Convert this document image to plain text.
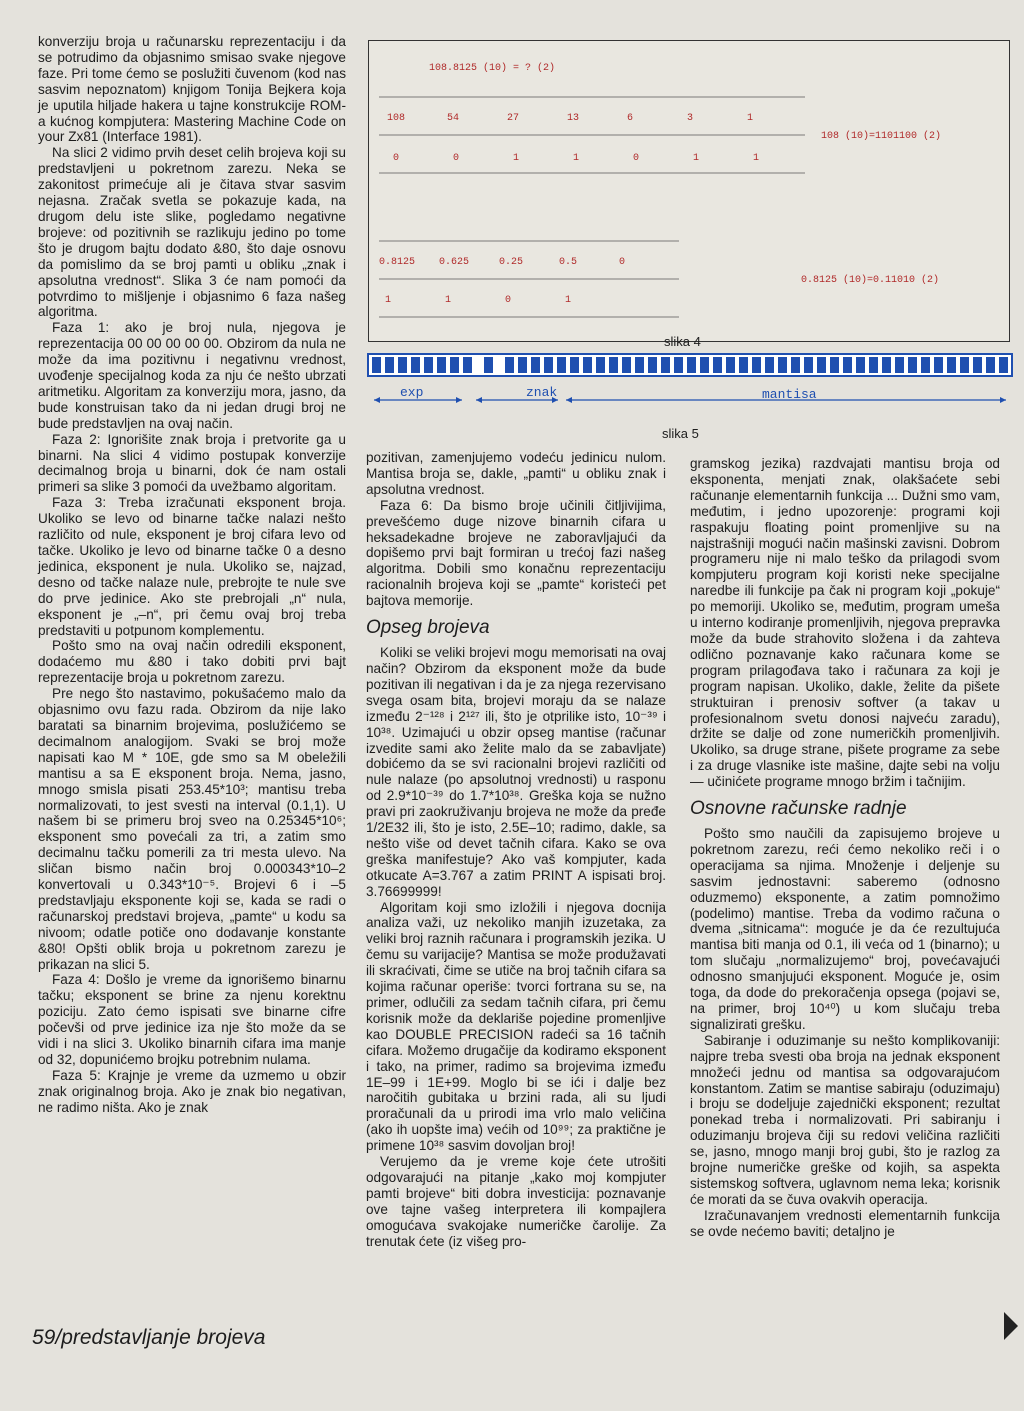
konverziju broja u računarsku reprezentaciju i da se potrudimo da objasnimo smisao svake njegove faze. Pri tome ćemo se poslužiti čuvenom (kod nas sasvim nepoznatom) knjigom Tonija Bejkera koja je uputila hiljade hakera u tajne konstrukcije ROM-a kućnog kompjutera: Mastering Machine Code on your Zx81 (Interface 1981).

Na slici 2 vidimo prvih deset celih brojeva koji su predstavljeni u pokretnom zarezu. Neka se zakonitost primećuje ali je čitava stvar sasvim nejasna. Zračak svetla se pokazuje kada, na drugom delu iste slike, pogledamo negativne brojeve: od pozitivnih se razlikuju jedino po tome što je drugom bajtu dodato &80, što daje osnovu da pomislimo da se broj pamti u obliku „znak i apsolutna vrednost“. Slika 3 će nam pomoći da potvrdimo to mišljenje i objasnimo 6 faza našeg algoritma.

Faza 1: ako je broj nula, njegova je reprezentacija 00 00 00 00 00. Obzirom da nula ne može da ima pozitivnu i negativnu vrednost, uvođenje specijalnog koda za nju će nešto ubrzati aritmetiku. Algoritam za konverziju mora, jasno, da bude konstruisan tako da ni jedan drugi broj ne bude predstavljen na ovaj način.

Faza 2: Ignorišite znak broja i pretvorite ga u binarni. Na slici 4 vidimo postupak konverzije decimalnog broja u binarni, dok će nam ostali primeri sa slike 3 pomoći da uvežbamo algoritam.

Faza 3: Treba izračunati eksponent broja. Ukoliko se levo od binarne tačke nalazi nešto različito od nule, eksponent je broj cifara levo od tačke. Ukoliko je levo od binarne tačke 0 a desno jedinica, eksponent je nula. Ukoliko se, najzad, desno od tačke nalaze nule, prebrojte te nule sve do prve jedinice. Ako ste prebrojali „n“ nula, eksponent je „–n“, pri čemu ovaj broj treba predstaviti u potpunom komplementu.

Pošto smo na ovaj način odredili eksponent, dodaćemo mu &80 i tako dobiti prvi bajt reprezentacije broja u pokretnom zarezu.

Pre nego što nastavimo, pokušaćemo malo da objasnimo ovu fazu rada. Obzirom da nije lako baratati sa binarnim brojevima, poslužićemo se decimalnom analogijom. Svaki se broj može napisati kao M * 10E, gde smo sa M obeležili mantisu a sa E eksponent broja. Nema, jasno, mnogo smisla pisati 253.45*10³; mantisu treba normalizovati, to jest svesti na interval (0.1,1). U našem bi se primeru broj sveo na 0.25345*10⁶; eksponent smo povećali za tri, a zatim smo decimalnu tačku pomerili za tri mesta ulevo. Na sličan bismo način broj 0.000343*10–2 konvertovali u 0.343*10⁻⁵. Brojevi 6 i –5 predstavljaju eksponente koji se, kada se radi o računarskoj predstavi brojeva, „pamte“ u kodu sa nivoom; odatle potiče ono dodavanje konstante &80! Opšti oblik broja u pokretnom zarezu je prikazan na slici 5.

Faza 4: Došlo je vreme da ignorišemo binarnu tačku; eksponent se brine za njenu korektnu poziciju. Zato ćemo ispisati sve binarne cifre počevši od prve jedinice iza nje što može da se vidi i na slici 3. Ukoliko binarnih cifara ima manje od 32, dopunićemo brojku potrebnim nulama.

Faza 5: Krajnje je vreme da uzmemo u obzir znak originalnog broja. Ako je znak bio negativan, ne radimo ništa. Ako je znak

108.8125 (10) = ? (2)
108	54	27	13	6	3	1
0	0	1	1	0	1	1
0.8125 0.625	0.25	0.5	0
1	1	0	1
108 (10)=1101100 (2)
0.8125 (10)=0.11010 (2)
slika 4
exp	znak	mantisa
slika 5

pozitivan, zamenjujemo vodeću jedinicu nulom. Mantisa broja se, dakle, „pamti“ u obliku znak i apsolutna vrednost.

Faza 6: Da bismo broje učinili čitljivijima, prevešćemo duge nizove binarnih cifara u heksadekadne brojeve ne zaboravljajući da dopišemo prvi bajt formiran u trećoj fazi našeg algoritma. Dobili smo konačnu reprezentaciju racionalnih brojeva koji se „pamte“ koristeći pet bajtova memorije.

Opseg brojeva

Koliki se veliki brojevi mogu memorisati na ovaj način? Obzirom da eksponent može da bude pozitivan ili negativan i da je za njega rezervisano svega osam bita, brojevi moraju da se nalaze između 2⁻¹²⁸ i 2¹²⁷ ili, što je otprilike isto, 10⁻³⁹ i 10³⁸. Uzimajući u obzir opseg mantise (računar izvedite sami ako želite malo da se zabavljate) dobićemo da se svi racionalni brojevi različiti od nule nalaze (po apsolutnoj vrednosti) u rasponu od 2.9*10⁻³⁹ do 1.7*10³⁸. Greška koja se nužno pravi pri zaokruživanju brojeva ne može da pređe 1/2E32 ili, što je isto, 2.5E–10; radimo, dakle, sa nešto više od devet tačnih cifara. Kako se ova greška manifestuje? Ako vaš kompjuter, kada otkucate A=3.767 a zatim PRINT A ispisati broj. 3.76699999!

Algoritam koji smo izložili i njegova docnija analiza važi, uz nekoliko manjih izuzetaka, za veliki broj raznih računara i programskih jezika. U čemu su varijacije? Mantisa se može produžavati ili skraćivati, čime se utiče na broj tačnih cifara sa kojima računar operiše: tvorci fortrana su se, na primer, odlučili za sedam tačnih cifara, pri čemu korisnik može da deklariše pojedine promenljive kao DOUBLE PRECISION radeći sa 16 tačnih cifara. Možemo drugačije da kodiramo eksponent i tako, na primer, radimo sa brojevima između 1E–99 i 1E+99. Moglo bi se ići i dalje bez naročitih gubitaka u brzini rada, ali su ljudi proračunali da u prirodi ima vrlo malo veličina (ako ih uopšte ima) većih od 10⁹⁹; za praktične je primene 10³⁸ sasvim dovoljan broj!

Verujemo da je vreme koje ćete utrošiti odgovarajući na pitanje „kako moj kompjuter pamti brojeve“ biti dobra investicija: poznavanje ove tajne vašeg interpretera ili kompajlera omogućava svakojake numeričke čarolije. Za trenutak ćete (iz višeg pro-

gramskog jezika) razdvajati mantisu broja od eksponenta, menjati znak, olakšaćete sebi računanje elementarnih funkcija ... Dužni smo vam, međutim, i jedno upozorenje: programi koji raspakuju floating point promenljive su na najstrašniji mogući način mašinski zavisni. Dobrom programeru nije ni malo teško da prilagodi svom kompjuteru program koji koristi neke specijalne naredbe ili funkcije pa čak ni program koji „pokuje“ po memoriji. Ukoliko se, međutim, program umeša u interno kodiranje promenljivih, njegova prepravka može da bude strahovito složena i da zahteva odlično poznavanje kako računara kome se program prilagođava tako i računara za koji je program napisan. Ukoliko, dakle, želite da pišete struktuiran i prenosiv softver (a takav u profesionalnom svetu donosi najveću zaradu), držite se dalje od zone numeričkih promenljivih. Ukoliko, sa druge strane, pišete programe za sebe i za druge vlasnike iste mašine, dajte sebi na volju — učinićete programe mnogo bržim i tačnijim.

Osnovne računske radnje

Pošto smo naučili da zapisujemo brojeve u pokretnom zarezu, reći ćemo nekoliko reči i o operacijama sa njima. Množenje i deljenje su sasvim jednostavni: saberemo (odnosno oduzmemo) eksponente, a zatim pomnožimo (podelimo) mantise. Treba da vodimo računa o dvema „sitnicama“: moguće je da će rezultujuća mantisa biti manja od 0.1, ili veća od 1 (binarno); u tom slučaju „normalizujemo“ broj, povećavajući odnosno smanjujući eksponent. Moguće je, osim toga, da dode do prekoračenja opsega (pojavi se, na primer, broj 10⁴⁰) u kom slučaju treba signalizirati grešku.

Sabiranje i oduzimanje su nešto komplikovaniji: najpre treba svesti oba broja na jednak eksponent množeći jednu od mantisa sa odgovarajućom konstantom. Zatim se mantise sabiraju (oduzimaju) i broju se dodeljuje zajednički eksponent; rezultat ponekad treba i normalizovati. Pri sabiranju i oduzimanju brojeva čiji su redovi veličina različiti se, jasno, mnogo manji broj gubi, što je razlog za brojne numeričke greške od kojih, sa aspekta sistemskog softvera, uglavnom nema leka; korisnik će morati da se čuva ovakvih operacija.

Izračunavanjem vrednosti elementarnih funkcija se ovde nećemo baviti; detaljno je

59/predstavljanje brojeva
